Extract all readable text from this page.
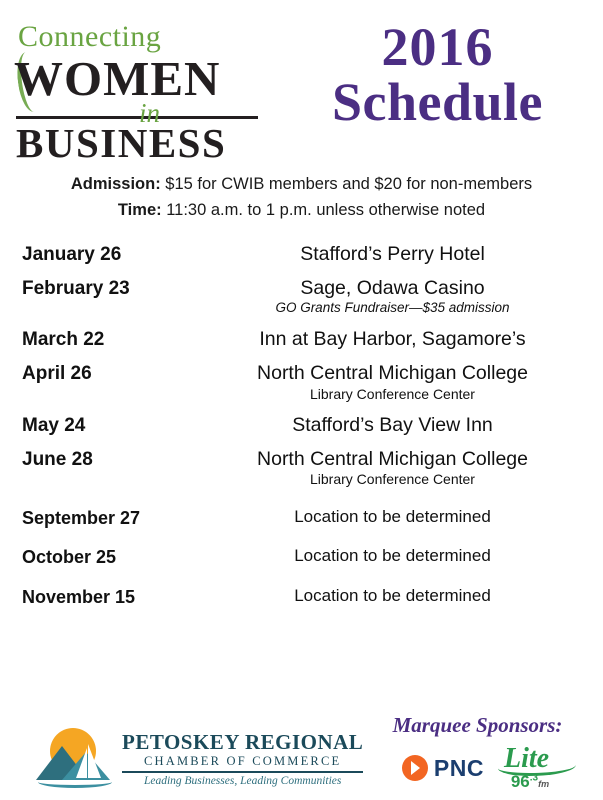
Connecting
WOMEN
in
BUSINESS
2016
Schedule
Admission: $15 for CWIB members and $20 for non-members
Time: 11:30 a.m. to 1 p.m. unless otherwise noted
January 26	Stafford’s Perry Hotel
February 23	Sage, Odawa Casino
GO Grants Fundraiser—$35 admission
March 22	Inn at Bay Harbor, Sagamore’s
April 26	North Central Michigan College
Library Conference Center
May 24	Stafford’s Bay View Inn
June 28	North Central Michigan College
Library Conference Center
September 27	Location to be determined
October 25	Location to be determined
November 15	Location to be determined
PETOSKEY REGIONAL
CHAMBER OF COMMERCE
Leading Businesses, Leading Communities
Marquee Sponsors:
PNC Lite
$96^{.3}fm$
